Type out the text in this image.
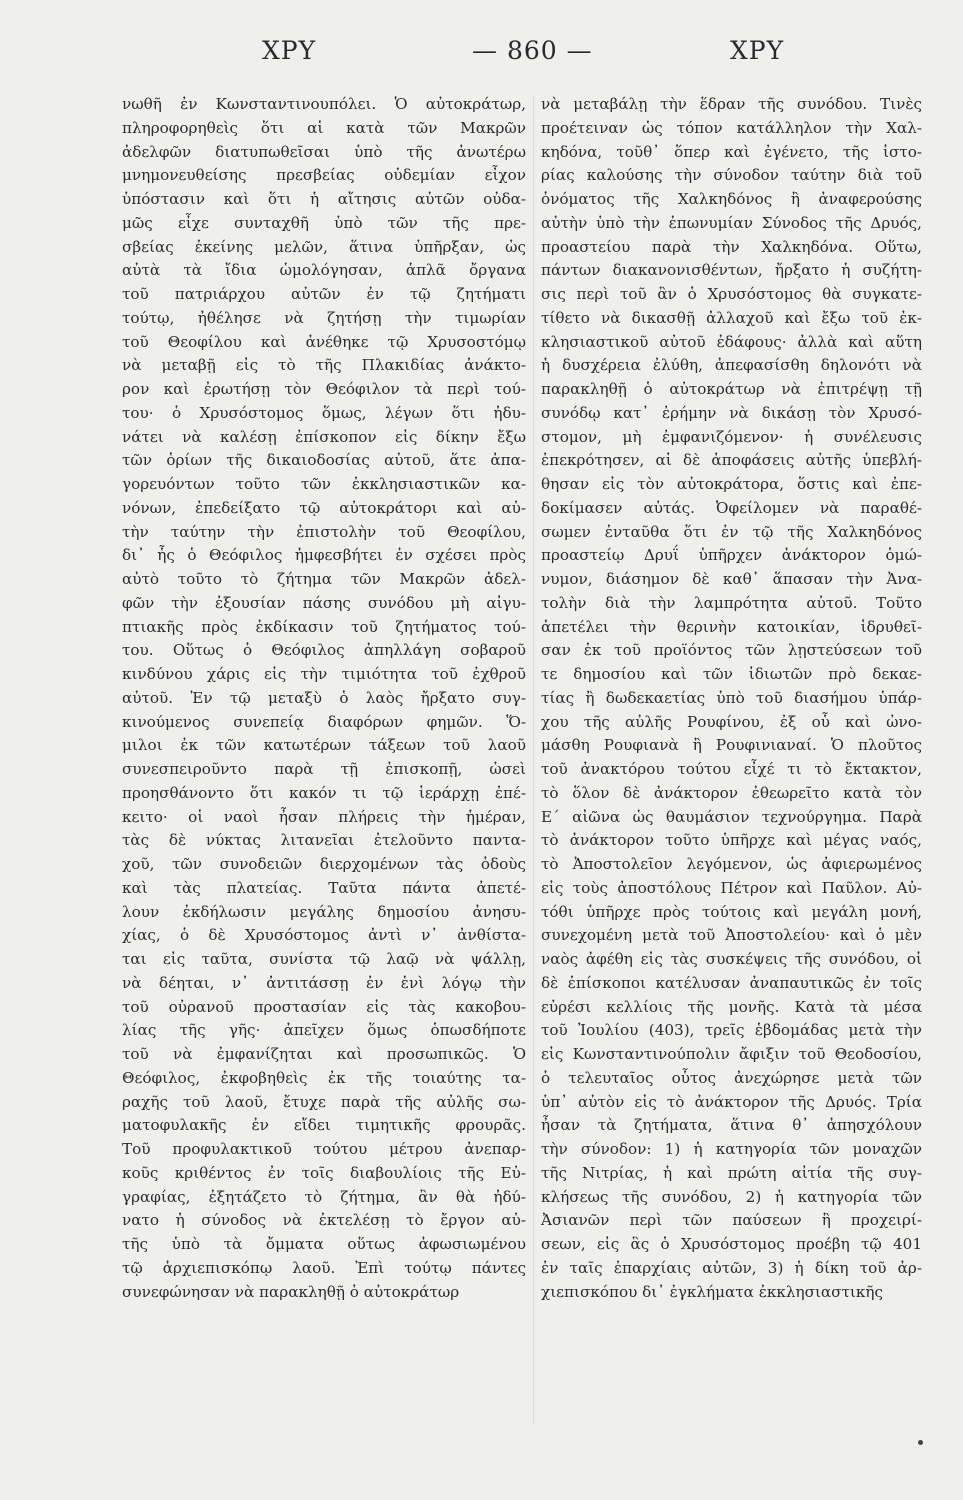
ΧΡΥ	— 860 —	ΧΡΥ
νωθῆ ἐν Κωνσταντινουπόλει. Ὁ αὐτοκράτωρ,
πληροφορηθεὶς ὅτι αἱ κατὰ τῶν Μακρῶν
ἀδελφῶν διατυπωθεῖσαι ὑπὸ τῆς ἀνωτέρω
μνημονευθείσης πρεσβείας οὐδεμίαν εἶχον
ὑπόστασιν καὶ ὅτι ἡ αἴτησις αὐτῶν οὐδα-
μῶς εἶχε συνταχθῆ ὑπὸ τῶν τῆς πρε-
σβείας ἐκείνης μελῶν, ἅτινα ὑπῆρξαν, ὡς
αὐτὰ τὰ ἴδια ὡμολόγησαν, ἁπλᾶ ὄργανα
τοῦ πατριάρχου αὐτῶν ἐν τῷ ζητήματι
τούτῳ, ἠθέλησε νὰ ζητήσῃ τὴν τιμωρίαν
τοῦ Θεοφίλου καὶ ἀνέθηκε τῷ Χρυσοστόμῳ
νὰ μεταβῇ εἰς τὸ τῆς Πλακιδίας ἀνάκτο-
ρον καὶ ἐρωτήσῃ τὸν Θεόφιλον τὰ περὶ τού-
του· ὁ Χρυσόστομος ὅμως, λέγων ὅτι ἠδυ-
νάτει νὰ καλέσῃ ἐπίσκοπον εἰς δίκην ἔξω
τῶν ὁρίων τῆς δικαιοδοσίας αὐτοῦ, ἅτε ἀπα-
γορευόντων τοῦτο τῶν ἐκκλησιαστικῶν κα-
νόνων, ἐπεδείξατο τῷ αὐτοκράτορι καὶ αὐ-
τὴν ταύτην τὴν ἐπιστολὴν τοῦ Θεοφίλου,
δι᾿ ἧς ὁ Θεόφιλος ἠμφεσβήτει ἐν σχέσει πρὸς
αὐτὸ τοῦτο τὸ ζήτημα τῶν Μακρῶν ἀδελ-
φῶν τὴν ἐξουσίαν πάσης συνόδου μὴ αἰγυ-
πτιακῆς πρὸς ἐκδίκασιν τοῦ ζητήματος τού-
του. Οὕτως ὁ Θεόφιλος ἀπηλλάγη σοβαροῦ
κινδύνου χάρις εἰς τὴν τιμιότητα τοῦ ἐχθροῦ
αὐτοῦ. Ἐν τῷ μεταξὺ ὁ λαὸς ἤρξατο συγ-
κινούμενος συνεπείᾳ διαφόρων φημῶν. Ὅ-
μιλοι ἐκ τῶν κατωτέρων τάξεων τοῦ λαοῦ
συνεσπειροῦντο παρὰ τῇ ἐπισκοπῇ, ὡσεὶ
προησθάνοντο ὅτι κακόν τι τῷ ἱεράρχῃ ἐπέ-
κειτο· οἱ ναοὶ ἦσαν πλήρεις τὴν ἡμέραν,
τὰς δὲ νύκτας λιτανεῖαι ἐτελοῦντο παντα-
χοῦ, τῶν συνοδειῶν διερχομένων τὰς ὁδοὺς
καὶ τὰς πλατείας. Ταῦτα πάντα ἀπετέ-
λουν ἐκδήλωσιν μεγάλης δημοσίου ἀνησυ-
χίας, ὁ δὲ Χρυσόστομος ἀντὶ ν᾿ ἀνθίστα-
ται εἰς ταῦτα, συνίστα τῷ λαῷ νὰ ψάλλῃ,
νὰ δέηται, ν᾿ ἀντιτάσσῃ ἐν ἑνὶ λόγῳ τὴν
τοῦ οὐρανοῦ προστασίαν εἰς τὰς κακοβου-
λίας τῆς γῆς· ἀπεῖχεν ὅμως ὁπωσδήποτε
τοῦ νὰ ἐμφανίζηται καὶ προσωπικῶς. Ὁ
Θεόφιλος, ἐκφοβηθεὶς ἐκ τῆς τοιαύτης τα-
ραχῆς τοῦ λαοῦ, ἔτυχε παρὰ τῆς αὐλῆς σω-
ματοφυλακῆς ἐν εἴδει τιμητικῆς φρουρᾶς.
Τοῦ προφυλακτικοῦ τούτου μέτρου ἀνεπαρ-
κοῦς κριθέντος ἐν τοῖς διαβουλίοις τῆς Εὐ-
γραφίας, ἐξητάζετο τὸ ζήτημα, ἂν θὰ ἠδύ-
νατο ἡ σύνοδος νὰ ἐκτελέσῃ τὸ ἔργον αὐ-
τῆς ὑπὸ τὰ ὄμματα οὕτως ἀφωσιωμένου
τῷ ἀρχιεπισκόπῳ λαοῦ. Ἐπὶ τούτῳ πάντες
συνεφώνησαν νὰ παρακληθῇ ὁ αὐτοκράτωρ
νὰ μεταβάλῃ τὴν ἕδραν τῆς συνόδου. Τινὲς
προέτειναν ὡς τόπον κατάλληλον τὴν Χαλ-
κηδόνα, τοῦθ᾿ ὅπερ καὶ ἐγένετο, τῆς ἱστο-
ρίας καλούσης τὴν σύνοδον ταύτην διὰ τοῦ
ὀνόματος τῆς Χαλκηδόνος ἢ ἀναφερούσης
αὐτὴν ὑπὸ τὴν ἐπωνυμίαν Σύνοδος τῆς Δρυός,
προαστείου παρὰ τὴν Χαλκηδόνα. Οὕτω,
πάντων διακανονισθέντων, ἤρξατο ἡ συζήτη-
σις περὶ τοῦ ἂν ὁ Χρυσόστομος θὰ συγκατε-
τίθετο νὰ δικασθῇ ἀλλαχοῦ καὶ ἔξω τοῦ ἐκ-
κλησιαστικοῦ αὐτοῦ ἐδάφους· ἀλλὰ καὶ αὕτη
ἡ δυσχέρεια ἐλύθη, ἀπεφασίσθη δηλονότι νὰ
παρακληθῇ ὁ αὐτοκράτωρ νὰ ἐπιτρέψῃ τῇ
συνόδῳ κατ᾿ ἐρήμην νὰ δικάσῃ τὸν Χρυσό-
στομον, μὴ ἐμφανιζόμενον· ἡ συνέλευσις
ἐπεκρότησεν, αἱ δὲ ἀποφάσεις αὐτῆς ὑπεβλή-
θησαν εἰς τὸν αὐτοκράτορα, ὅστις καὶ ἐπε-
δοκίμασεν αὐτάς. Ὀφείλομεν νὰ παραθέ-
σωμεν ἐνταῦθα ὅτι ἐν τῷ τῆς Χαλκηδόνος
προαστείῳ Δρυΐ ὑπῆρχεν ἀνάκτορον ὁμώ-
νυμον, διάσημον δὲ καθ᾿ ἅπασαν τὴν Ἀνα-
τολὴν διὰ τὴν λαμπρότητα αὐτοῦ. Τοῦτο
ἀπετέλει τὴν θερινὴν κατοικίαν, ἱδρυθεῖ-
σαν ἐκ τοῦ προϊόντος τῶν λῃστεύσεων τοῦ
τε δημοσίου καὶ τῶν ἰδιωτῶν πρὸ δεκαε-
τίας ἢ δωδεκαετίας ὑπὸ τοῦ διασήμου ὑπάρ-
χου τῆς αὐλῆς Ρουφίνου, ἐξ οὗ καὶ ὠνο-
μάσθη Ρουφιανὰ ἢ Ρουφινιαναί. Ὁ πλοῦτος
τοῦ ἀνακτόρου τούτου εἶχέ τι τὸ ἔκτακτον,
τὸ ὅλον δὲ ἀνάκτορον ἐθεωρεῖτο κατὰ τὸν
Ε´ αἰῶνα ὡς θαυμάσιον τεχνούργημα. Παρὰ
τὸ ἀνάκτορον τοῦτο ὑπῆρχε καὶ μέγας ναός,
τὸ Ἀποστολεῖον λεγόμενον, ὡς ἀφιερωμένος
εἰς τοὺς ἀποστόλους Πέτρον καὶ Παῦλον. Αὐ-
τόθι ὑπῆρχε πρὸς τούτοις καὶ μεγάλη μονή,
συνεχομένη μετὰ τοῦ Ἀποστολείου· καὶ ὁ μὲν
ναὸς ἀφέθη εἰς τὰς συσκέψεις τῆς συνόδου, οἱ
δὲ ἐπίσκοποι κατέλυσαν ἀναπαυτικῶς ἐν τοῖς
εὐρέσι κελλίοις τῆς μονῆς. Κατὰ τὰ μέσα
τοῦ Ἰουλίου (403), τρεῖς ἑβδομάδας μετὰ τὴν
εἰς Κωνσταντινούπολιν ἄφιξιν τοῦ Θεοδοσίου,
ὁ τελευταῖος οὗτος ἀνεχώρησε μετὰ τῶν
ὑπ᾿ αὐτὸν εἰς τὸ ἀνάκτορον τῆς Δρυός. Τρία
ἦσαν τὰ ζητήματα, ἅτινα θ᾿ ἀπησχόλουν
τὴν σύνοδον: 1) ἡ κατηγορία τῶν μοναχῶν
τῆς Νιτρίας, ἡ καὶ πρώτη αἰτία τῆς συγ-
κλήσεως τῆς συνόδου, 2) ἡ κατηγορία τῶν
Ἀσιανῶν περὶ τῶν παύσεων ἢ προχειρί-
σεων, εἰς ἃς ὁ Χρυσόστομος προέβη τῷ 401
ἐν ταῖς ἐπαρχίαις αὐτῶν, 3) ἡ δίκη τοῦ ἀρ-
χιεπισκόπου δι᾿ ἐγκλήματα ἐκκλησιαστικῆς
